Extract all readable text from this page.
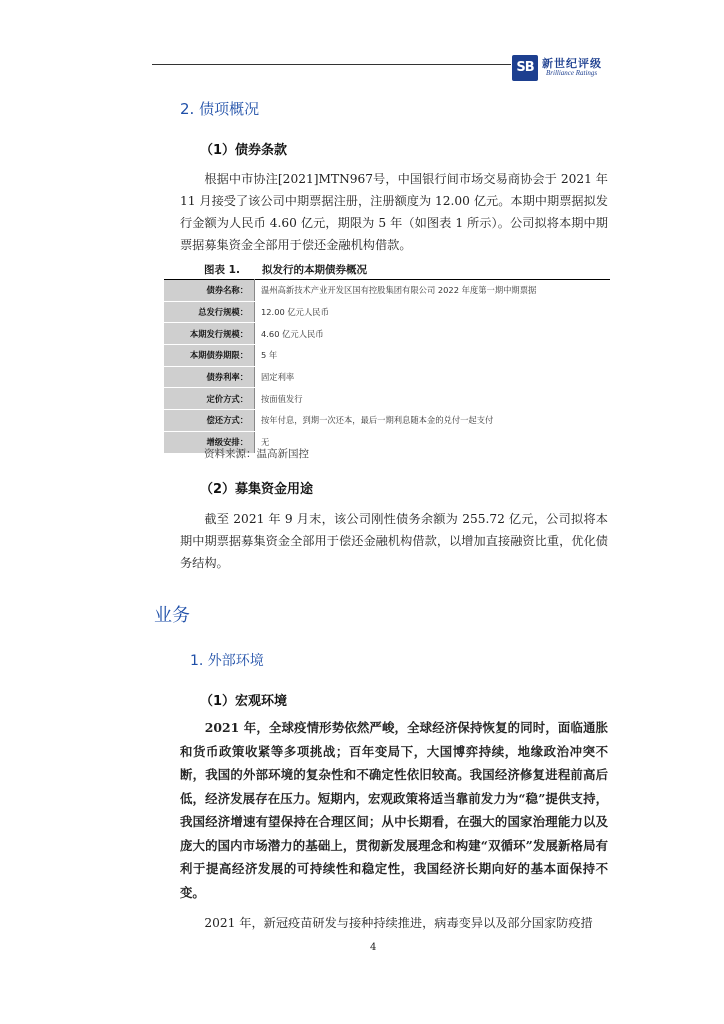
SB 新世纪评级
Brilliance Ratings
2. 债项概况
（1）债券条款
根据中市协注[2021]MTN967号，中国银行间市场交易商协会于 2021 年 11 月接受了该公司中期票据注册，注册额度为 12.00 亿元。本期中期票据拟发行金额为人民币 4.60 亿元，期限为 5 年（如图表 1 所示）。公司拟将本期中期票据募集资金全部用于偿还金融机构借款。
图表 1. 拟发行的本期债券概况
债券名称：	温州高新技术产业开发区国有控股集团有限公司 2022 年度第一期中期票据
总发行规模：	12.00 亿元人民币
本期发行规模：	4.60 亿元人民币
本期债券期限：	5 年
债券利率：	固定利率
定价方式：	按面值发行
偿还方式：	按年付息，到期一次还本，最后一期利息随本金的兑付一起支付
增级安排：	无
资料来源：温高新国控
（2）募集资金用途
截至 2021 年 9 月末，该公司刚性债务余额为 255.72 亿元，公司拟将本期中期票据募集资金全部用于偿还金融机构借款，以增加直接融资比重，优化债务结构。
业务
1. 外部环境
（1）宏观环境
2021 年，全球疫情形势依然严峻，全球经济保持恢复的同时，面临通胀和货币政策收紧等多项挑战；百年变局下，大国博弈持续，地缘政治冲突不断，我国的外部环境的复杂性和不确定性依旧较高。我国经济修复进程前高后低，经济发展存在压力。短期内，宏观政策将适当靠前发力为“稳”提供支持，我国经济增速有望保持在合理区间；从中长期看，在强大的国家治理能力以及庞大的国内市场潜力的基础上，贯彻新发展理念和构建“双循环”发展新格局有利于提高经济发展的可持续性和稳定性，我国经济长期向好的基本面保持不变。
2021 年，新冠疫苗研发与接种持续推进，病毒变异以及部分国家防疫措
4
